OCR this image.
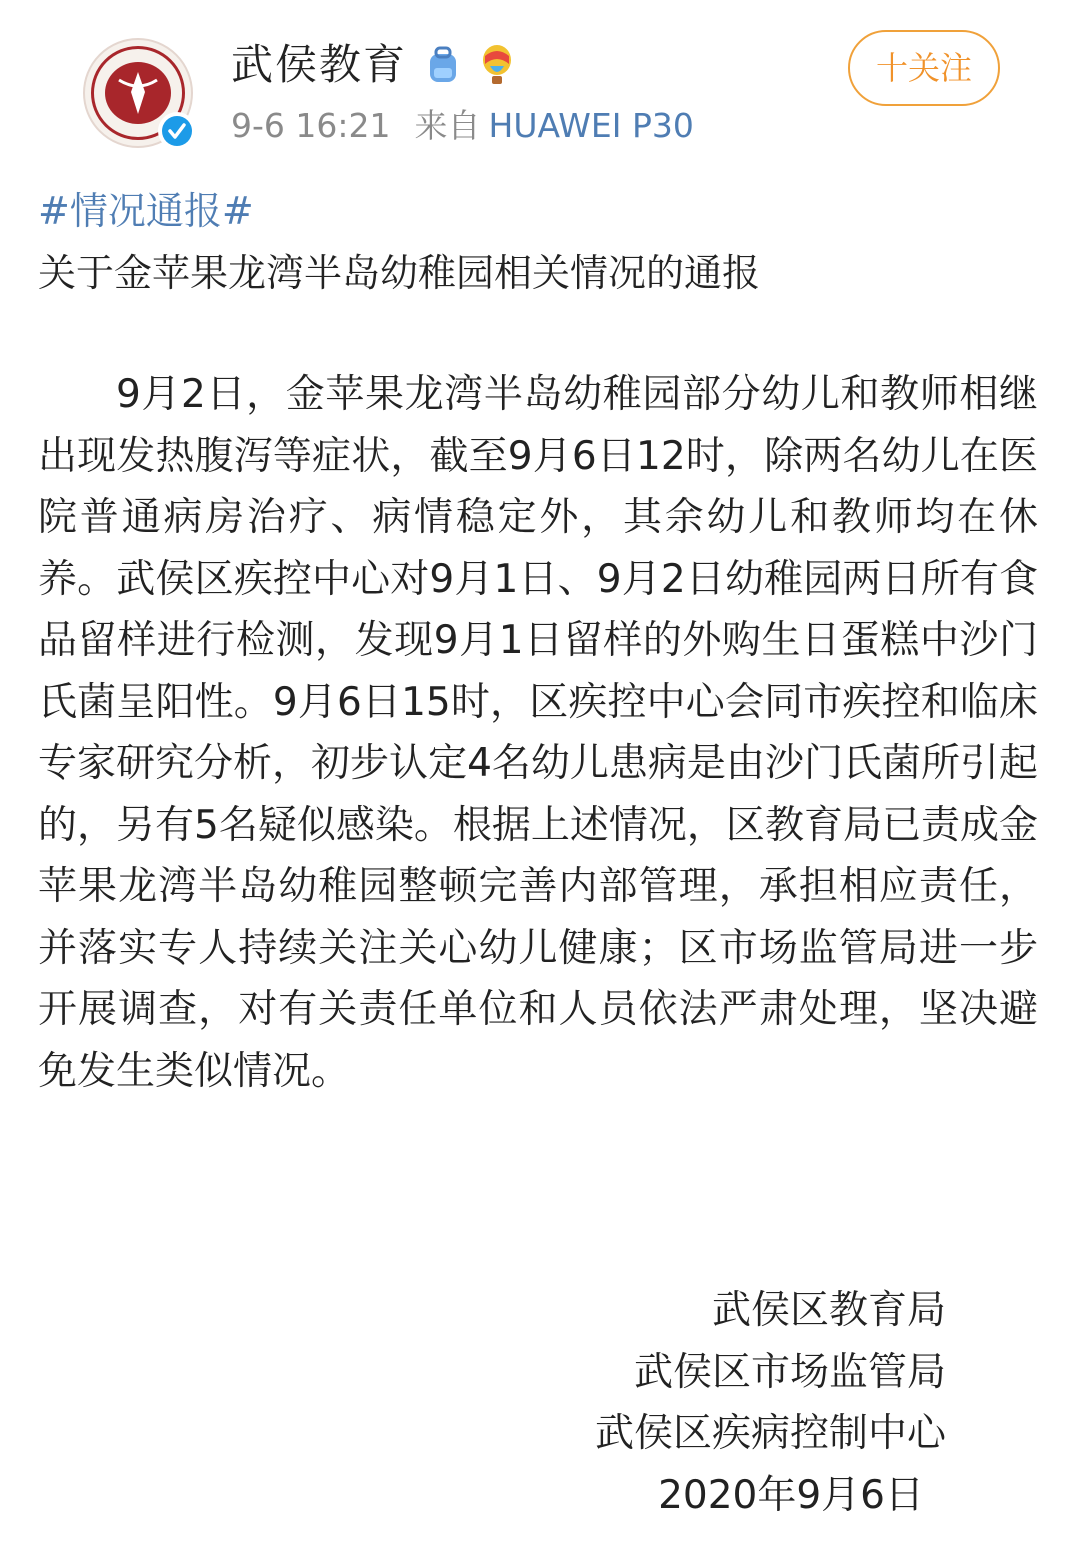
武侯教育
9-6 16:21 来自 HUAWEI P30
十关注
#情况通报#
关于金苹果龙湾半岛幼稚园相关情况的通报

9月2日，金苹果龙湾半岛幼稚园部分幼儿和教师相继出现发热腹泻等症状，截至9月6日12时，除两名幼儿在医院普通病房治疗、病情稳定外，其余幼儿和教师均在休养。武侯区疾控中心对9月1日、9月2日幼稚园两日所有食品留样进行检测，发现9月1日留样的外购生日蛋糕中沙门氏菌呈阳性。9月6日15时，区疾控中心会同市疾控和临床专家研究分析，初步认定4名幼儿患病是由沙门氏菌所引起的，另有5名疑似感染。根据上述情况，区教育局已责成金苹果龙湾半岛幼稚园整顿完善内部管理，承担相应责任，并落实专人持续关注关心幼儿健康；区市场监管局进一步开展调查，对有关责任单位和人员依法严肃处理，坚决避免发生类似情况。

武侯区教育局
武侯区市场监管局
武侯区疾病控制中心
2020年9月6日
